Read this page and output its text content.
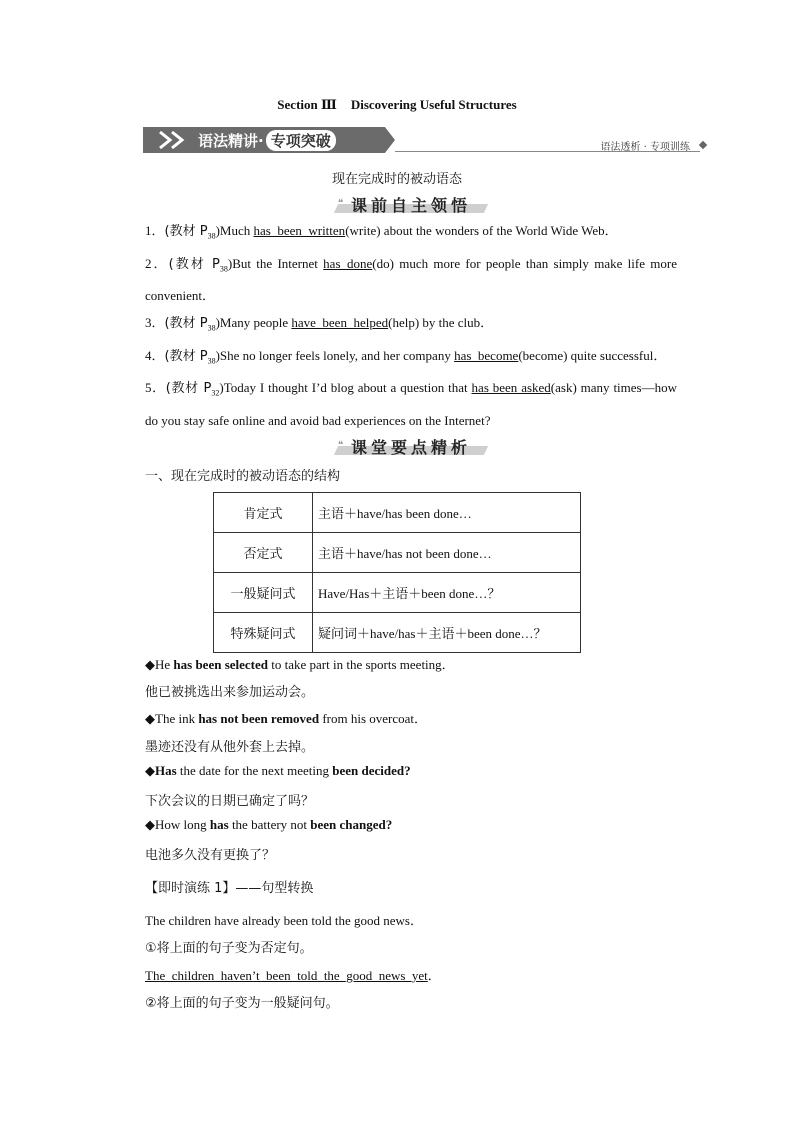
Section Ⅲ Discovering Useful Structures
语法精讲· 专项突破	语法透析 · 专项训练
现在完成时的被动语态
❝ 课前自主领悟
1．(教材 $P_{38})Much$ has_been_written(write) about the wonders of the World Wide Web．
2．(教材 $P_{38})But$ the Internet has_done(do) much more for people than simply make life more convenient．
3．(教材 $P_{38})Many$ people have_been_helped(help) by the club．
4．(教材 $P_{38})She$ no longer feels lonely, and her company has_become(become) quite successful．
5．(教材 $P_{32})Today$ I thought I’d blog about a question that has been asked(ask) many times—how do you stay safe online and avoid bad experiences on the Internet?
❝ 课堂要点精析
一、现在完成时的被动语态的结构
肯定式	主语＋have/has been done…
否定式	主语＋have/has not been done…
一般疑问式	Have/Has＋主语＋been done…？
特殊疑问式	疑问词＋have/has＋主语＋been done…？
◆He has been selected to take part in the sports meeting．
他已被挑选出来参加运动会。
◆The ink has not been removed from his overcoat．
墨迹还没有从他外套上去掉。
◆Has the date for the next meeting been decided?
下次会议的日期已确定了吗？
◆How long has the battery not been changed?
电池多久没有更换了？
【即时演练 1】——句型转换
The children have already been told the good news．
①将上面的句子变为否定句。
The_children_haven’t_been_told_the_good_news_yet．
②将上面的句子变为一般疑问句。
